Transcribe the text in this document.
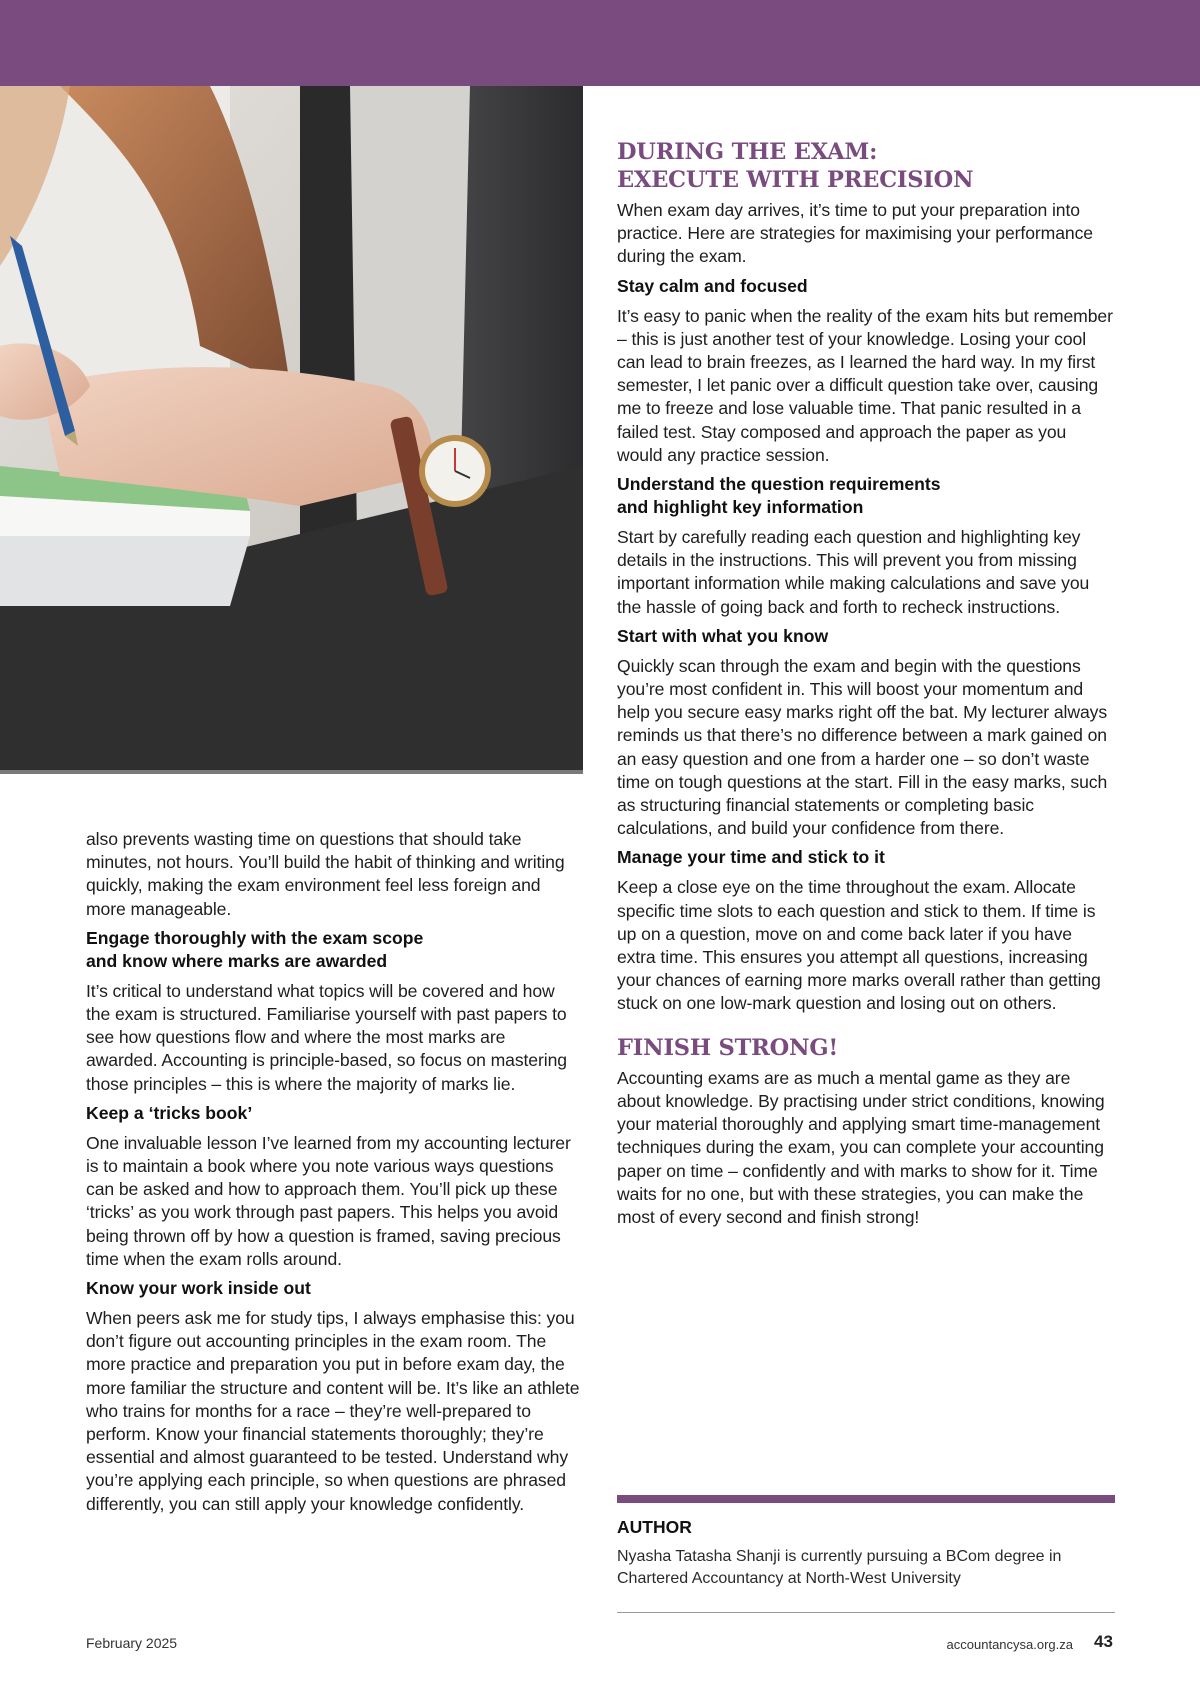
also prevents wasting time on questions that should take minutes, not hours. You’ll build the habit of thinking and writing quickly, making the exam environment feel less foreign and more manageable.

Engage thoroughly with the exam scope
and know where marks are awarded

It’s critical to understand what topics will be covered and how the exam is structured. Familiarise yourself with past papers to see how questions flow and where the most marks are awarded. Accounting is principle-based, so focus on mastering those principles – this is where the majority of marks lie.

Keep a ‘tricks book’

One invaluable lesson I’ve learned from my accounting lecturer is to maintain a book where you note various ways questions can be asked and how to approach them. You’ll pick up these ‘tricks’ as you work through past papers. This helps you avoid being thrown off by how a question is framed, saving precious time when the exam rolls around.

Know your work inside out

When peers ask me for study tips, I always emphasise this: you don’t figure out accounting principles in the exam room. The more practice and preparation you put in before exam day, the more familiar the structure and content will be. It’s like an athlete who trains for months for a race – they’re well-prepared to perform. Know your financial statements thoroughly; they’re essential and almost guaranteed to be tested. Understand why you’re applying each principle, so when questions are phrased differently, you can still apply your knowledge confidently.

DURING THE EXAM:
EXECUTE WITH PRECISION

When exam day arrives, it’s time to put your preparation into practice. Here are strategies for maximising your performance during the exam.

Stay calm and focused

It’s easy to panic when the reality of the exam hits but remember – this is just another test of your knowledge. Losing your cool can lead to brain freezes, as I learned the hard way. In my first semester, I let panic over a difficult question take over, causing me to freeze and lose valuable time. That panic resulted in a failed test. Stay composed and approach the paper as you would any practice session.

Understand the question requirements
and highlight key information

Start by carefully reading each question and highlighting key details in the instructions. This will prevent you from missing important information while making calculations and save you the hassle of going back and forth to recheck instructions.

Start with what you know

Quickly scan through the exam and begin with the questions you’re most confident in. This will boost your momentum and help you secure easy marks right off the bat. My lecturer always reminds us that there’s no difference between a mark gained on an easy question and one from a harder one – so don’t waste time on tough questions at the start. Fill in the easy marks, such as structuring financial statements or completing basic calculations, and build your confidence from there.

Manage your time and stick to it

Keep a close eye on the time throughout the exam. Allocate specific time slots to each question and stick to them. If time is up on a question, move on and come back later if you have extra time. This ensures you attempt all questions, increasing your chances of earning more marks overall rather than getting stuck on one low-mark question and losing out on others.

FINISH STRONG!

Accounting exams are as much a mental game as they are about knowledge. By practising under strict conditions, knowing your material thoroughly and applying smart time-management techniques during the exam, you can complete your accounting paper on time – confidently and with marks to show for it. Time waits for no one, but with these strategies, you can make the most of every second and finish strong!

AUTHOR
Nyasha Tatasha Shanji is currently pursuing a BCom degree in Chartered Accountancy at North-West University
February 2025	accountancysa.org.za 43
